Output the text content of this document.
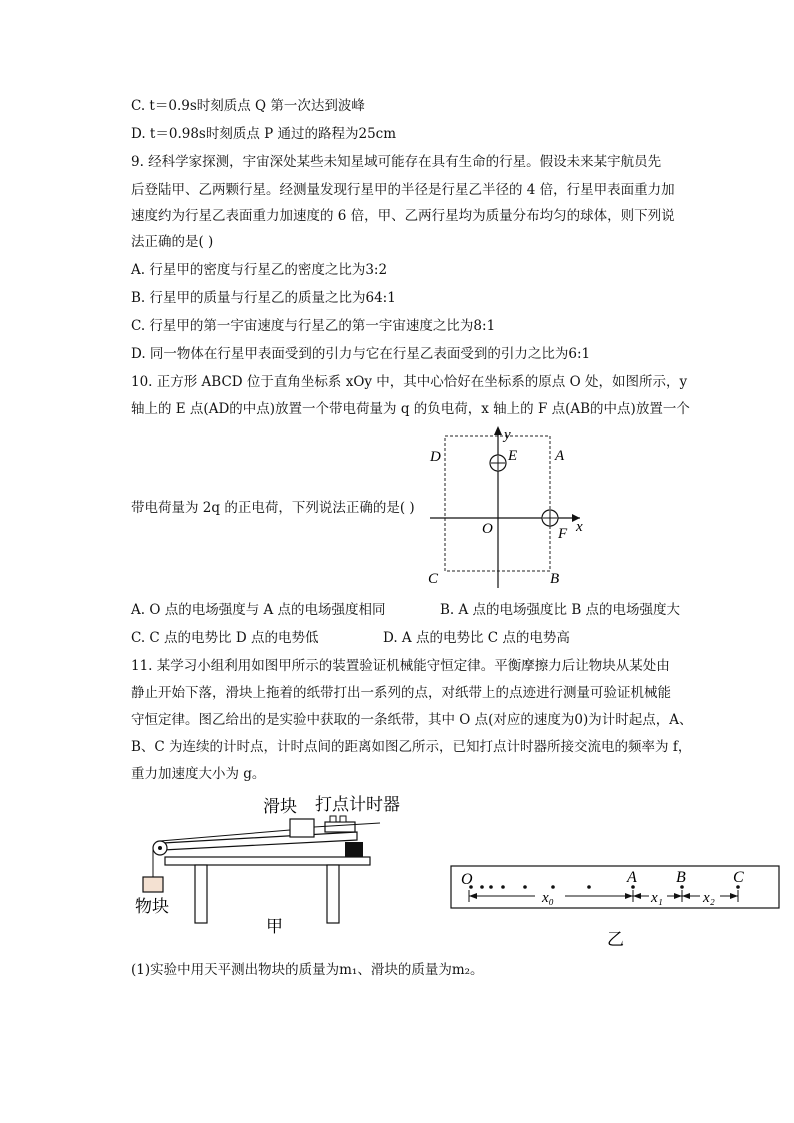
C. t＝0.9s时刻质点 Q 第一次达到波峰
D. t＝0.98s时刻质点 P 通过的路程为25cm
9. 经科学家探测，宇宙深处某些未知星域可能存在具有生命的行星。假设未来某宇航员先
后登陆甲、乙两颗行星。经测量发现行星甲的半径是行星乙半径的 4 倍，行星甲表面重力加
速度约为行星乙表面重力加速度的 6 倍，甲、乙两行星均为质量分布均匀的球体，则下列说
法正确的是( )
A. 行星甲的密度与行星乙的密度之比为3:2
B. 行星甲的质量与行星乙的质量之比为64:1
C. 行星甲的第一宇宙速度与行星乙的第一宇宙速度之比为8:1
D. 同一物体在行星甲表面受到的引力与它在行星乙表面受到的引力之比为6:1
10. 正方形 ABCD 位于直角坐标系 xOy 中，其中心恰好在坐标系的原点 O 处，如图所示，y
轴上的 E 点(AD的中点)放置一个带电荷量为 q 的负电荷，x 轴上的 F 点(AB的中点)放置一个
带电荷量为 2q 的正电荷，下列说法正确的是( )
D	E	A
O	F x
y
C	B
A. O 点的电场强度与 A 点的电场强度相同	B. A 点的电场强度比 B 点的电场强度大
C. C 点的电势比 D 点的电势低	D. A 点的电势比 C 点的电势高
11. 某学习小组利用如图甲所示的装置验证机械能守恒定律。平衡摩擦力后让物块从某处由
静止开始下落，滑块上拖着的纸带打出一系列的点，对纸带上的点迹进行测量可验证机械能
守恒定律。图乙给出的是实验中获取的一条纸带，其中 O 点(对应的速度为0)为计时起点，A、
B、C 为连续的计时点，计时点间的距离如图乙所示，已知打点计时器所接交流电的频率为 f，
重力加速度大小为 g。
滑块 打点计时器
物块
甲
O	A B	C
x₀	x₁	x₂
乙
(1)实验中用天平测出物块的质量为m₁、滑块的质量为m₂。
